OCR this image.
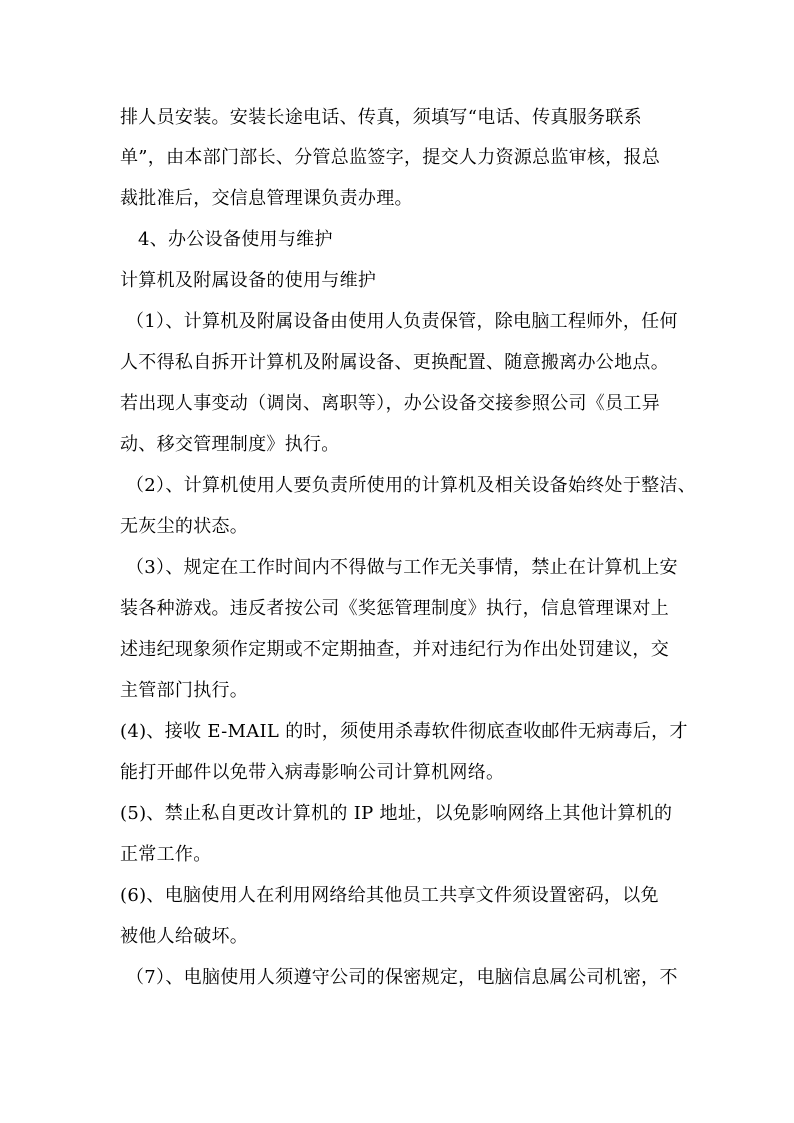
排人员安装。安装长途电话、传真，须填写“电话、传真服务联系
单”，由本部门部长、分管总监签字，提交人力资源总监审核，报总
裁批准后，交信息管理课负责办理。
4、办公设备使用与维护
计算机及附属设备的使用与维护
（1）、计算机及附属设备由使用人负责保管，除电脑工程师外，任何
人不得私自拆开计算机及附属设备、更换配置、随意搬离办公地点。
若出现人事变动（调岗、离职等），办公设备交接参照公司《员工异
动、移交管理制度》执行。
（2）、计算机使用人要负责所使用的计算机及相关设备始终处于整洁、
无灰尘的状态。
（3）、规定在工作时间内不得做与工作无关事情，禁止在计算机上安
装各种游戏。违反者按公司《奖惩管理制度》执行，信息管理课对上
述违纪现象须作定期或不定期抽查，并对违纪行为作出处罚建议，交
主管部门执行。
(4)、接收 E-MAIL 的时，须使用杀毒软件彻底查收邮件无病毒后，才
能打开邮件以免带入病毒影响公司计算机网络。
(5)、禁止私自更改计算机的 IP 地址，以免影响网络上其他计算机的
正常工作。
(6)、电脑使用人在利用网络给其他员工共享文件须设置密码，以免
被他人给破坏。
（7）、电脑使用人须遵守公司的保密规定，电脑信息属公司机密，不
